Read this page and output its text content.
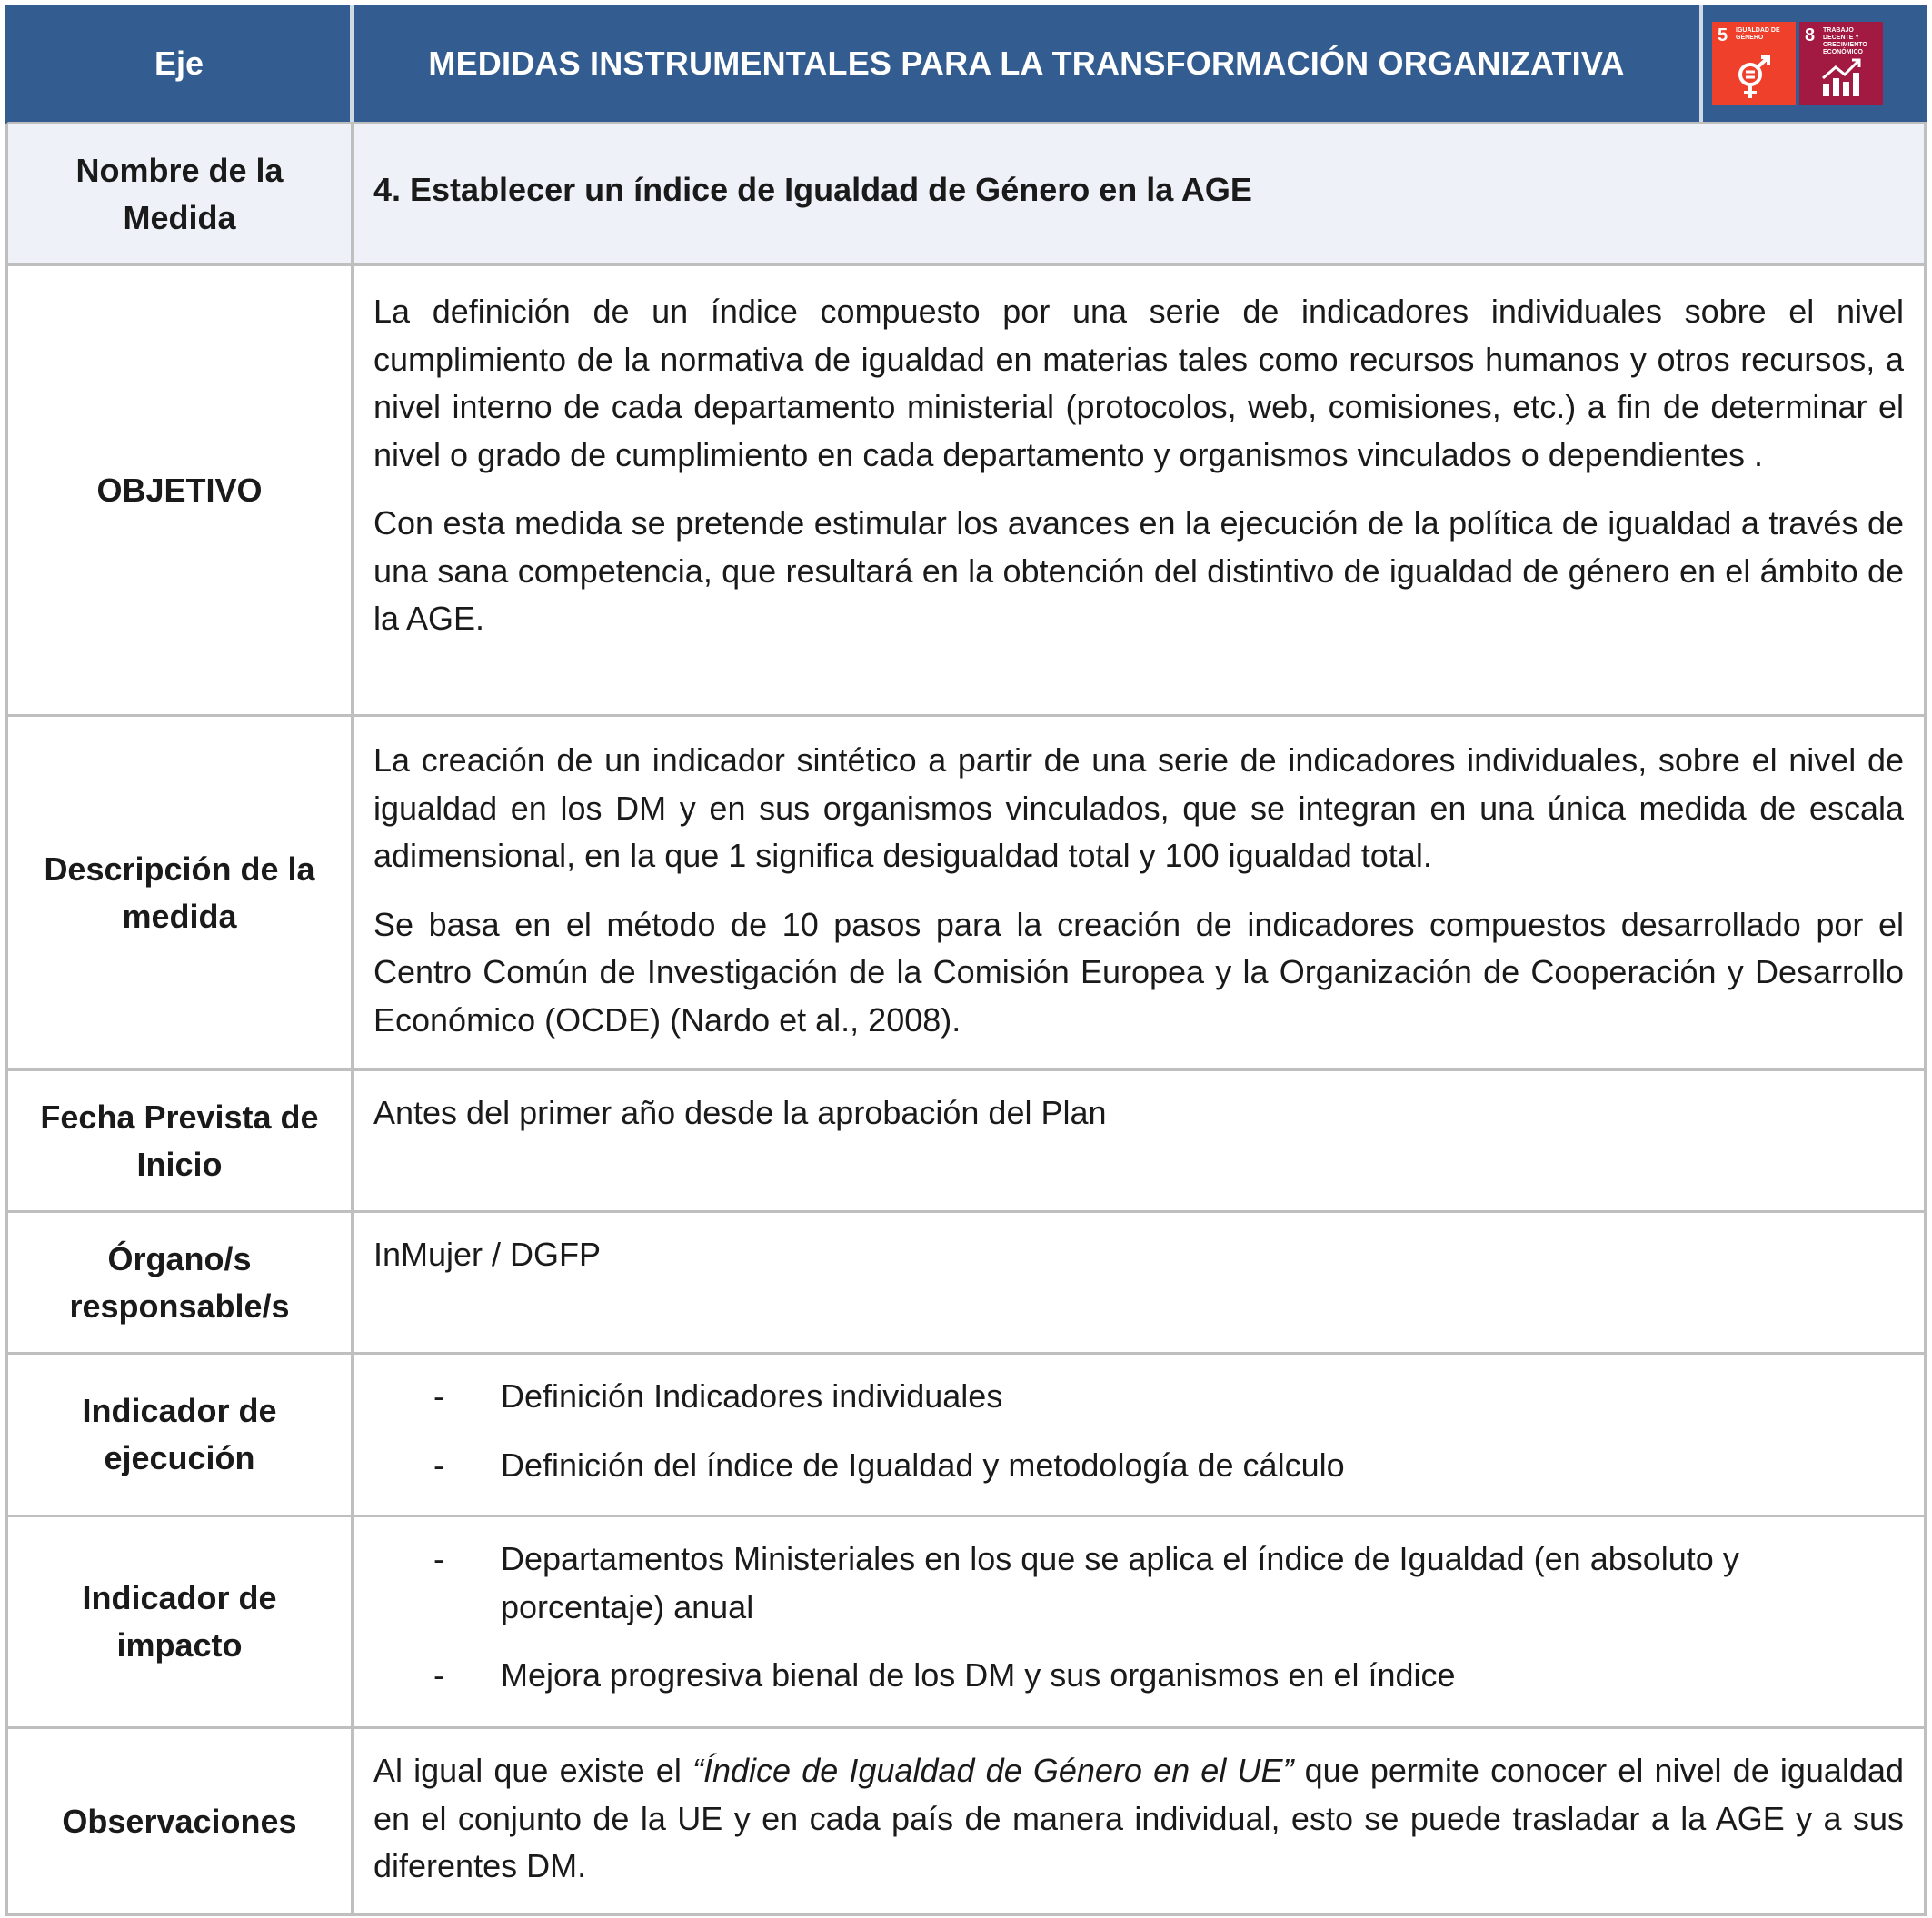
Eje	MEDIDAS INSTRUMENTALES PARA LA TRANSFORMACIÓN ORGANIZATIVA
5 IGUALDAD DE GÉNERO	8 TRABAJO DECENTE Y CRECIMIENTO ECONÓMICO
Nombre de la Medida
4. Establecer un índice de Igualdad de Género en la AGE
OBJETIVO

La definición de un índice compuesto por una serie de indicadores individuales sobre el nivel cumplimiento de la normativa de igualdad en materias tales como recursos humanos y otros recursos, a nivel interno de cada departamento ministerial (protocolos, web, comisiones, etc.) a fin de determinar el nivel o grado de cumplimiento en cada departamento y organismos vinculados o dependientes .

Con esta medida se pretende estimular los avances en la ejecución de la política de igualdad a través de una sana competencia, que resultará en la obtención del distintivo de igualdad de género en el ámbito de la AGE.

Descripción de la medida

La creación de un indicador sintético a partir de una serie de indicadores individuales, sobre el nivel de igualdad en los DM y en sus organismos vinculados, que se integran en una única medida de escala adimensional, en la que 1 significa desigualdad total y 100 igualdad total.

Se basa en el método de 10 pasos para la creación de indicadores compuestos desarrollado por el Centro Común de Investigación de la Comisión Europea y la Organización de Cooperación y Desarrollo Económico (OCDE) (Nardo et al., 2008).

Fecha Prevista de Inicio
Antes del primer año desde la aprobación del Plan
Órgano/s responsable/s
InMujer / DGFP
Indicador de ejecución
- Definición Indicadores individuales
- Definición del índice de Igualdad y metodología de cálculo
Indicador de impacto
- Departamentos Ministeriales en los que se aplica el índice de Igualdad (en absoluto y porcentaje) anual
- Mejora progresiva bienal de los DM y sus organismos en el índice
Observaciones

Al igual que existe el “Índice de Igualdad de Género en el UE” que permite conocer el nivel de igualdad en el conjunto de la UE y en cada país de manera individual, esto se puede trasladar a la AGE y a sus diferentes DM.
